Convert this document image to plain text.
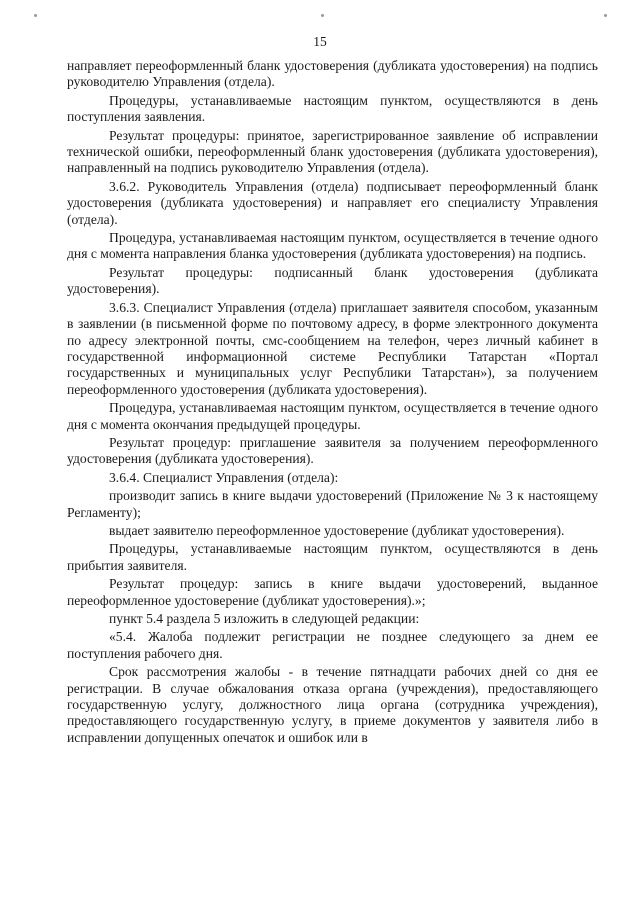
15

направляет переоформленный бланк удостоверения (дубликата удостоверения) на подпись руководителю Управления (отдела).

Процедуры, устанавливаемые настоящим пунктом, осуществляются в день поступления заявления.

Результат процедуры: принятое, зарегистрированное заявление об исправлении технической ошибки, переоформленный бланк удостоверения (дубликата удостоверения), направленный на подпись руководителю Управления (отдела).

3.6.2. Руководитель Управления (отдела) подписывает переоформленный бланк удостоверения (дубликата удостоверения) и направляет его специалисту Управления (отдела).

Процедура, устанавливаемая настоящим пунктом, осуществляется в течение одного дня с момента направления бланка удостоверения (дубликата удостоверения) на подпись.

Результат процедуры: подписанный бланк удостоверения (дубликата удостоверения).

3.6.3. Специалист Управления (отдела) приглашает заявителя способом, указанным в заявлении (в письменной форме по почтовому адресу, в форме электронного документа по адресу электронной почты, смс-сообщением на телефон, через личный кабинет в государственной информационной системе Республики Татарстан «Портал государственных и муниципальных услуг Республики Татарстан»), за получением переоформленного удостоверения (дубликата удостоверения).

Процедура, устанавливаемая настоящим пунктом, осуществляется в течение одного дня с момента окончания предыдущей процедуры.

Результат процедур: приглашение заявителя за получением переоформленного удостоверения (дубликата удостоверения).

3.6.4. Специалист Управления (отдела):

производит запись в книге выдачи удостоверений (Приложение № 3 к настоящему Регламенту);

выдает заявителю переоформленное удостоверение (дубликат удостоверения).

Процедуры, устанавливаемые настоящим пунктом, осуществляются в день прибытия заявителя.

Результат процедур: запись в книге выдачи удостоверений, выданное переоформленное удостоверение (дубликат удостоверения).»;

пункт 5.4 раздела 5 изложить в следующей редакции:

«5.4. Жалоба подлежит регистрации не позднее следующего за днем ее поступления рабочего дня.

Срок рассмотрения жалобы - в течение пятнадцати рабочих дней со дня ее регистрации. В случае обжалования отказа органа (учреждения), предоставляющего государственную услугу, должностного лица органа (сотрудника учреждения), предоставляющего государственную услугу, в приеме документов у заявителя либо в исправлении допущенных опечаток и ошибок или в
